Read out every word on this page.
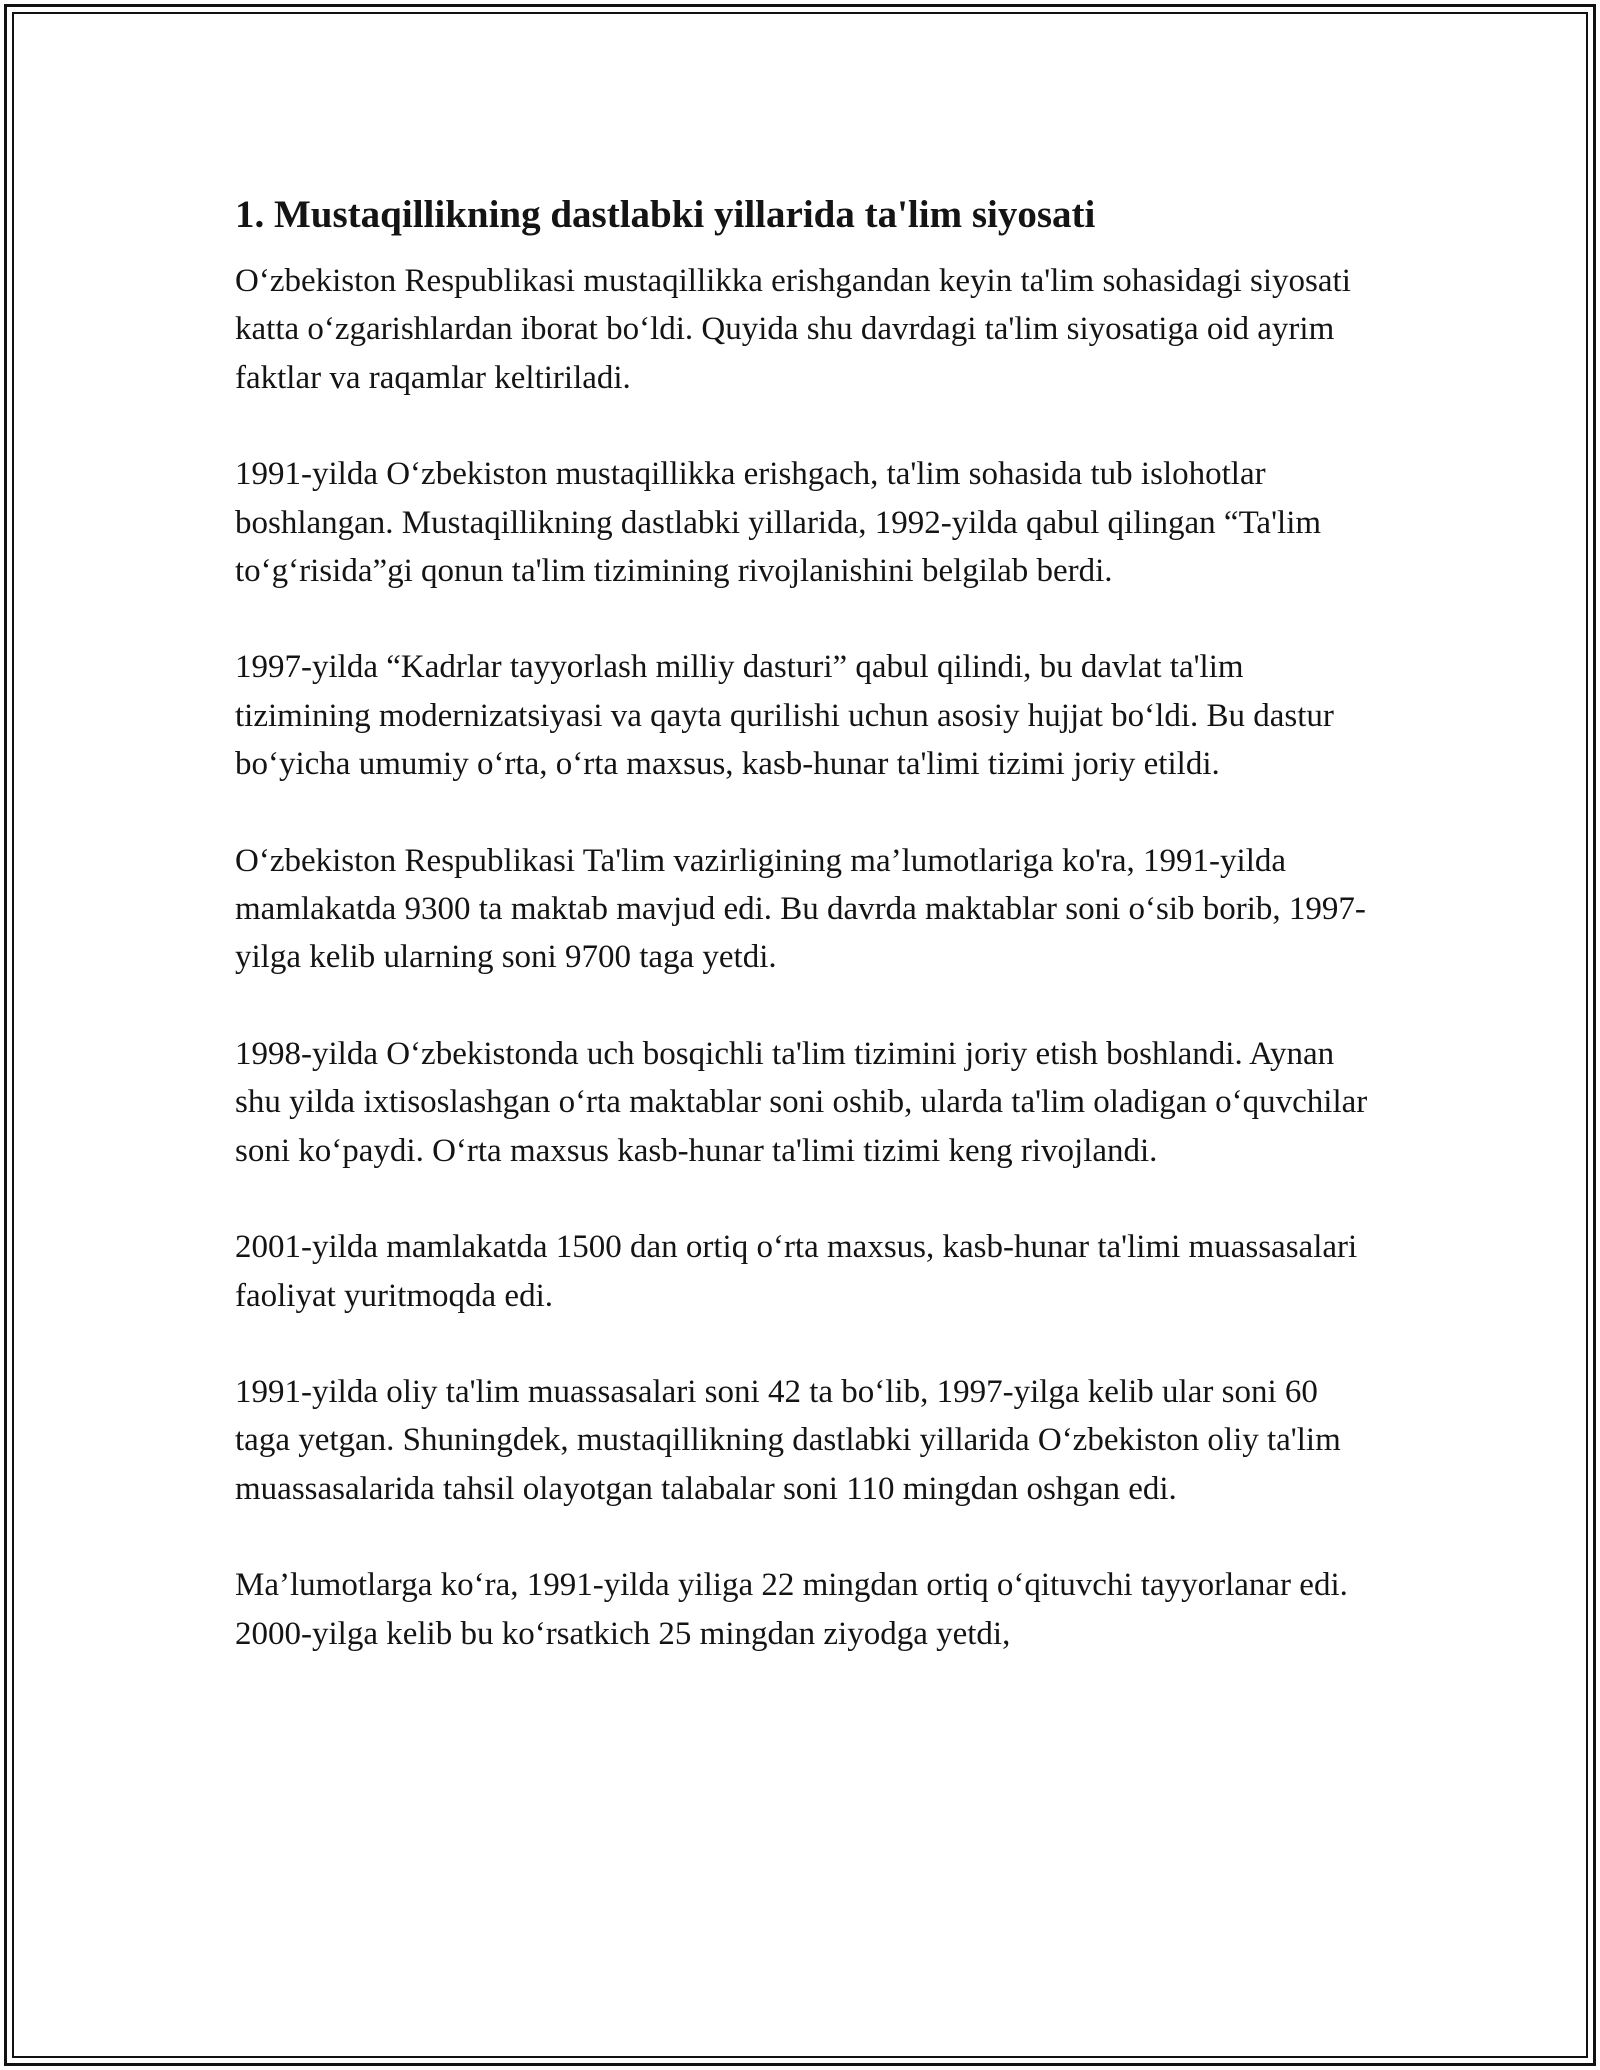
1. Mustaqillikning dastlabki yillarida ta'lim siyosati

O‘zbekiston Respublikasi mustaqillikka erishgandan keyin ta'lim sohasidagi siyosati katta o‘zgarishlardan iborat bo‘ldi. Quyida shu davrdagi ta'lim siyosatiga oid ayrim faktlar va raqamlar keltiriladi.

1991-yilda O‘zbekiston mustaqillikka erishgach, ta'lim sohasida tub islohotlar boshlangan. Mustaqillikning dastlabki yillarida, 1992-yilda qabul qilingan “Ta'lim to‘g‘risida”gi qonun ta'lim tizimining rivojlanishini belgilab berdi.

1997-yilda “Kadrlar tayyorlash milliy dasturi” qabul qilindi, bu davlat ta'lim tizimining modernizatsiyasi va qayta qurilishi uchun asosiy hujjat bo‘ldi. Bu dastur bo‘yicha umumiy o‘rta, o‘rta maxsus, kasb-hunar ta'limi tizimi joriy etildi.

O‘zbekiston Respublikasi Ta'lim vazirligining ma’lumotlariga ko'ra, 1991-yilda mamlakatda 9300 ta maktab mavjud edi. Bu davrda maktablar soni o‘sib borib, 1997-yilga kelib ularning soni 9700 taga yetdi.

1998-yilda O‘zbekistonda uch bosqichli ta'lim tizimini joriy etish boshlandi. Aynan shu yilda ixtisoslashgan o‘rta maktablar soni oshib, ularda ta'lim oladigan o‘quvchilar soni ko‘paydi. O‘rta maxsus kasb-hunar ta'limi tizimi keng rivojlandi.

2001-yilda mamlakatda 1500 dan ortiq o‘rta maxsus, kasb-hunar ta'limi muassasalari faoliyat yuritmoqda edi.

1991-yilda oliy ta'lim muassasalari soni 42 ta bo‘lib, 1997-yilga kelib ular soni 60 taga yetgan. Shuningdek, mustaqillikning dastlabki yillarida O‘zbekiston oliy ta'lim muassasalarida tahsil olayotgan talabalar soni 110 mingdan oshgan edi.

Ma’lumotlarga ko‘ra, 1991-yilda yiliga 22 mingdan ortiq o‘qituvchi tayyorlanar edi. 2000-yilga kelib bu ko‘rsatkich 25 mingdan ziyodga yetdi,
